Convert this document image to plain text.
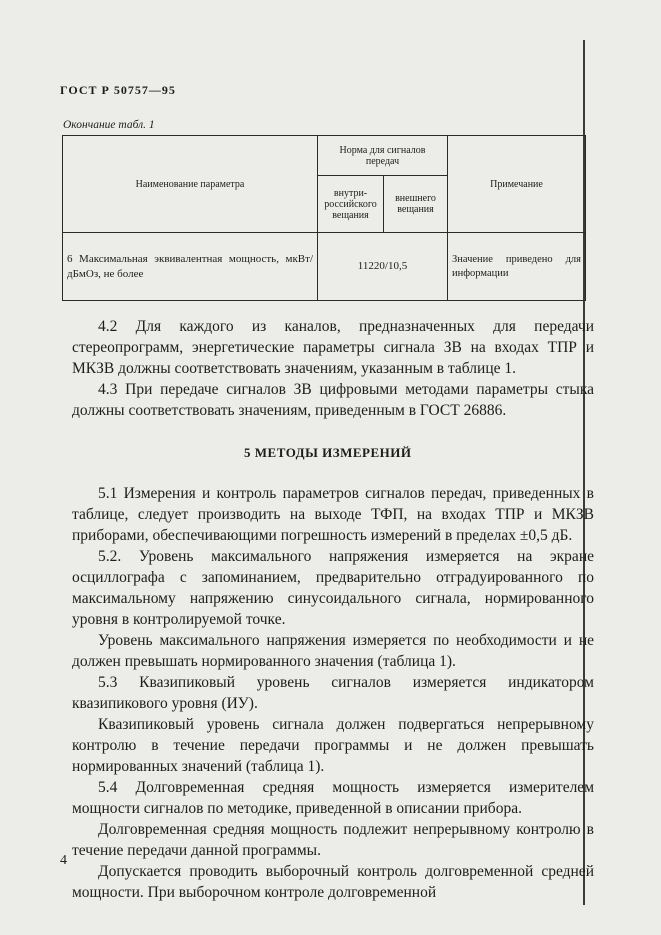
ГОСТ Р 50757—95
Окончание табл. 1
Наименование параметра	Норма для сигналов передач		Примечание
	внутри-российского вещания	внешнего вещания	
6 Максимальная эквивалентная мощность, мкВт/дБмОз, не более	11220/10,5		Значение приведено для информации

4.2 Для каждого из каналов, предназначенных для передачи стереопрограмм, энергетические параметры сигнала ЗВ на входах ТПР и МКЗВ должны соответствовать значениям, указанным в таблице 1.

4.3 При передаче сигналов ЗВ цифровыми методами параметры стыка должны соответствовать значениям, приведенным в ГОСТ 26886.

5 МЕТОДЫ ИЗМЕРЕНИЙ

5.1 Измерения и контроль параметров сигналов передач, приведенных в таблице, следует производить на выходе ТФП, на входах ТПР и МКЗВ приборами, обеспечивающими погрешность измерений в пределах ±0,5 дБ.

5.2. Уровень максимального напряжения измеряется на экране осциллографа с запоминанием, предварительно отградуированного по максимальному напряжению синусоидального сигнала, нормированного уровня в контролируемой точке.

Уровень максимального напряжения измеряется по необходимости и не должен превышать нормированного значения (таблица 1).

5.3 Квазипиковый уровень сигналов измеряется индикатором квазипикового уровня (ИУ).

Квазипиковый уровень сигнала должен подвергаться непрерывному контролю в течение передачи программы и не должен превышать нормированных значений (таблица 1).

5.4 Долговременная средняя мощность измеряется измерителем мощности сигналов по методике, приведенной в описании прибора.

Долговременная средняя мощность подлежит непрерывному контролю в течение передачи данной программы.

Допускается проводить выборочный контроль долговременной средней мощности. При выборочном контроле долговременной

4
